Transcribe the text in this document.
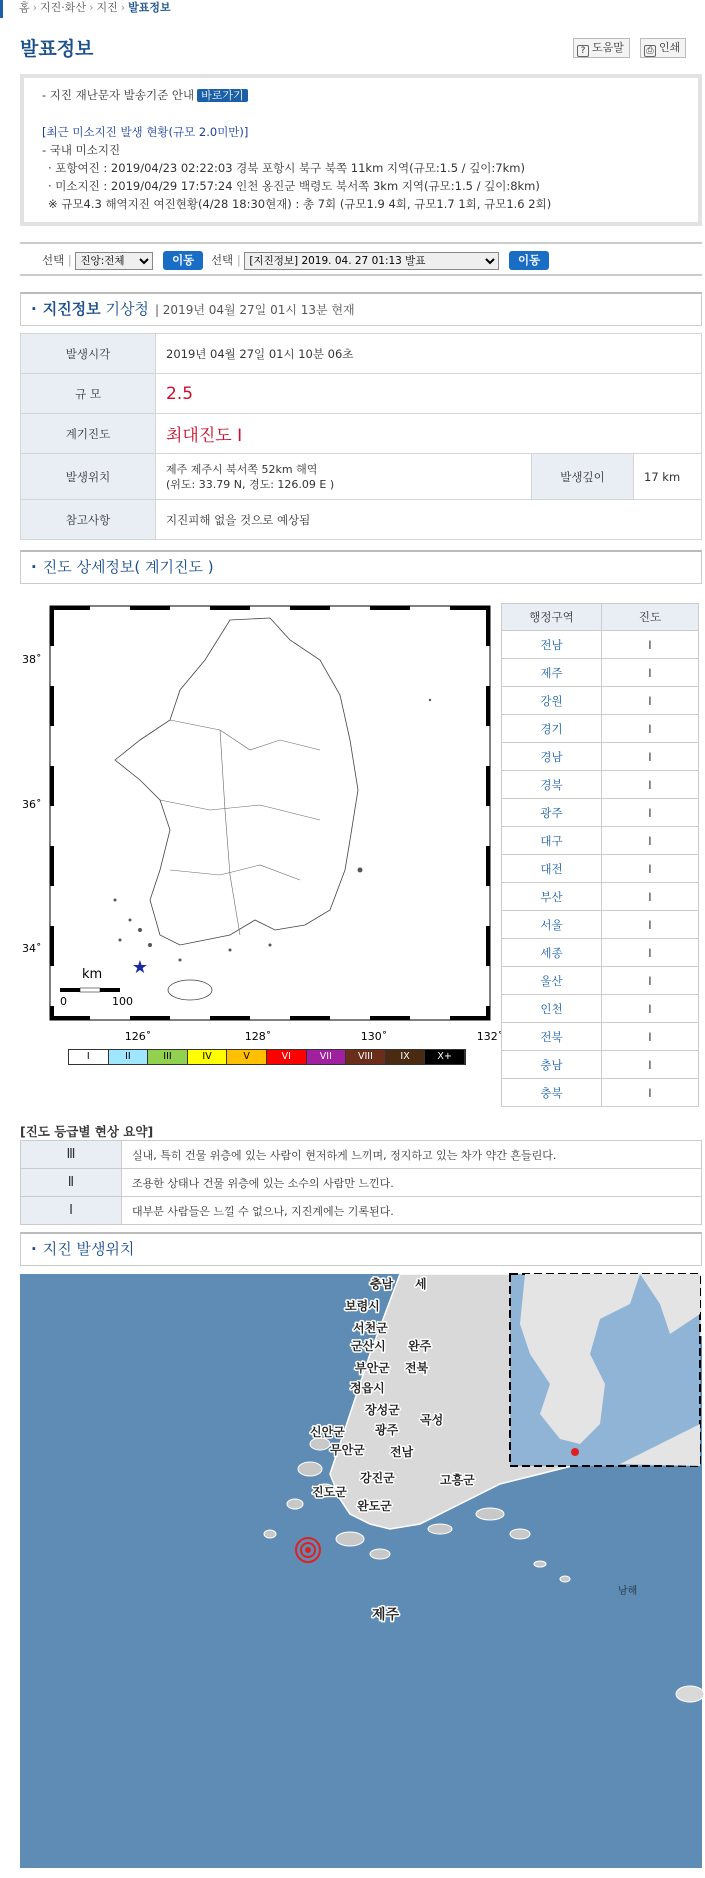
홈 › 지진·화산 › 지진 › 발표정보
발표정보	? 도움말	⎙ 인쇄
- 지진 재난문자 발송기준 안내 바로가기

[최근 미소지진 발생 현황(규모 2.0미만)]
- 국내 미소지진
· 포항여진 : 2019/04/23 02:22:03 경북 포항시 북구 북쪽 11km 지역(규모:1.5 / 깊이:7km)
· 미소지진 : 2019/04/29 17:57:24 인천 옹진군 백령도 북서쪽 3km 지역(규모:1.5 / 깊이:8km)
※ 규모4.3 해역지진 여진현황(4/28 18:30현재) : 총 7회 (규모1.9 4회, 규모1.7 1회, 규모1.6 2회)
선택 |
진앙:전체	이동 선택 |
[지진정보] 2019. 04. 27 01:13 발표	이동
· 지진정보 기상청 | 2019년 04월 27일 01시 13분 현재
발생시각	2019년 04월 27일 01시 10분 06초		
규 모	2.5		
계기진도	최대진도 Ⅰ		
발생위치	제주 제주시 북서쪽 52km 해역
(위도: 33.79 N, 경도: 126.09 E )	발생깊이	17 km
참고사항	지진피해 없을 것으로 예상됨		
· 진도 상세정보( 계기진도 )
★
38˚
36˚
34˚
126˚	128˚	130˚	132˚
km
0	100
I	II	III	IV	V	VI	VII	VIII	IX	X+
행정구역	진도
전남	Ⅰ
제주	Ⅰ
강원	Ⅰ
경기	Ⅰ
경남	Ⅰ
경북	Ⅰ
광주	Ⅰ
대구	Ⅰ
대전	Ⅰ
부산	Ⅰ
서울	Ⅰ
세종	Ⅰ
울산	Ⅰ
인천	Ⅰ
전북	Ⅰ
충남	Ⅰ
충북	Ⅰ
[진도 등급별 현상 요약]
Ⅲ	실내, 특히 건물 위층에 있는 사람이 현저하게 느끼며, 정지하고 있는 차가 약간 흔들린다.
Ⅱ	조용한 상태나 건물 위층에 있는 소수의 사람만 느낀다.
Ⅰ	대부분 사람들은 느낄 수 없으나, 지진계에는 기록된다.
· 지진 발생위치
충남 세
보령시
서천군
군산시 완주
부안군 전북
정읍시
장성군
광주
곡성
신안군
무안군 전남
강진군
진도군
완도군
고흥군
제주
남해
